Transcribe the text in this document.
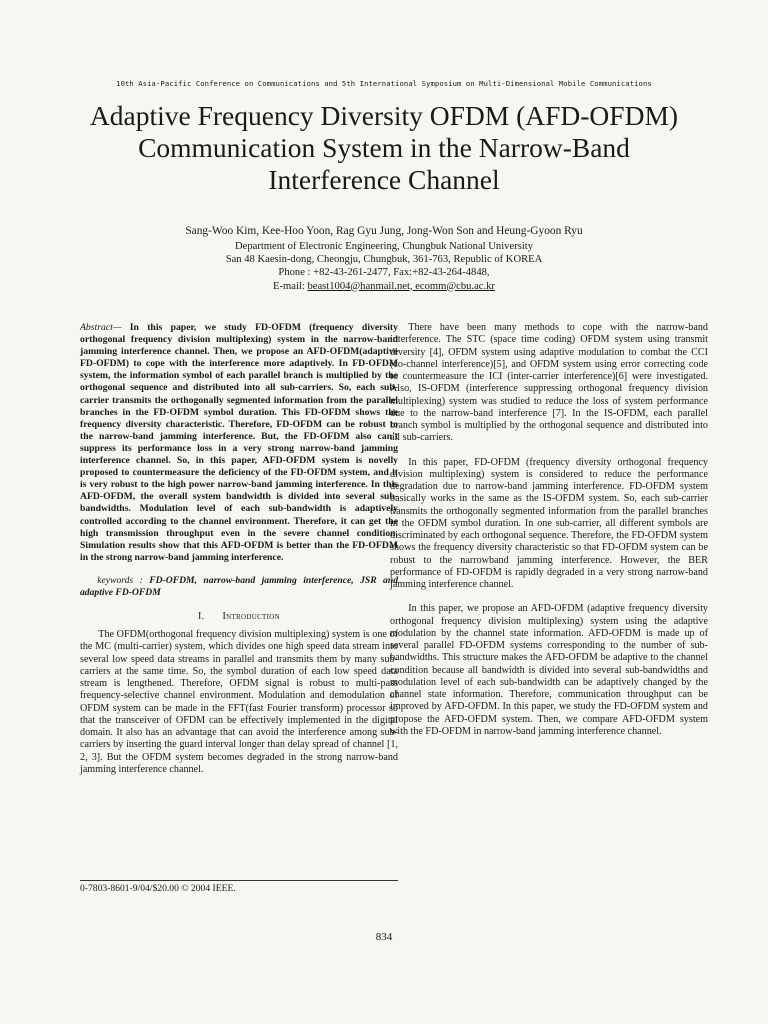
10th Asia-Pacific Conference on Communications and 5th International Symposium on Multi-Dimensional Mobile Communications
Adaptive Frequency Diversity OFDM (AFD-OFDM)
Communication System in the Narrow-Band
Interference Channel
Sang-Woo Kim, Kee-Hoo Yoon, Rag Gyu Jung, Jong-Won Son and Heung-Gyoon Ryu
Department of Electronic Engineering, Chungbuk National University
San 48 Kaesin-dong, Cheongju, Chungbuk, 361-763, Republic of KOREA
Phone : +82-43-261-2477, Fax:+82-43-264-4848,
E-mail: beast1004@hanmail.net, ecomm@cbu.ac.kr

Abstract— In this paper, we study FD-OFDM (frequency diversity orthogonal frequency division multiplexing) system in the narrow-band jamming interference channel. Then, we propose an AFD-OFDM(adaptive FD-OFDM) to cope with the interference more adaptively. In FD-OFDM system, the information symbol of each parallel branch is multiplied by the orthogonal sequence and distributed into all sub-carriers. So, each sub-carrier transmits the orthogonally segmented information from the parallel branches in the FD-OFDM symbol duration. This FD-OFDM shows the frequency diversity characteristic. Therefore, FD-OFDM can be robust to the narrow-band jamming interference. But, the FD-OFDM also can't suppress its performance loss in a very strong narrow-band jamming interference channel. So, in this paper, AFD-OFDM system is novelly proposed to countermeasure the deficiency of the FD-OFDM system, and it is very robust to the high power narrow-band jamming interference. In this AFD-OFDM, the overall system bandwidth is divided into several sub-bandwidths. Modulation level of each sub-bandwidth is adaptively controlled according to the channel environment. Therefore, it can get the high transmission throughput even in the severe channel condition. Simulation results show that this AFD-OFDM is better than the FD-OFDM in the strong narrow-band jamming interference.

keywords : FD-OFDM, narrow-band jamming interference, JSR and adaptive FD-OFDM

I. Introduction

The OFDM(orthogonal frequency division multiplexing) system is one of the MC (multi-carrier) system, which divides one high speed data stream into several low speed data streams in parallel and transmits them by many sub-carriers at the same time. So, the symbol duration of each low speed data stream is lengthened. Therefore, OFDM signal is robust to multi-pass frequency-selective channel environment. Modulation and demodulation of OFDM system can be made in the FFT(fast Fourier transform) processor so that the transceiver of OFDM can be effectively implemented in the digital domain. It also has an advantage that can avoid the interference among sub-carriers by inserting the guard interval longer than delay spread of channel [1, 2, 3]. But the OFDM system becomes degraded in the strong narrow-band jamming interference channel.

There have been many methods to cope with the narrow-band interference. The STC (space time coding) OFDM system using transmit diversity [4], OFDM system using adaptive modulation to combat the CCI (co-channel interference)[5], and OFDM system using error correcting code to countermeasure the ICI (inter-carrier interference)[6] were investigated. Also, IS-OFDM (interference suppressing orthogonal frequency division multiplexing) system was studied to reduce the loss of system performance due to the narrow-band interference [7]. In the IS-OFDM, each parallel branch symbol is multiplied by the orthogonal sequence and distributed into all sub-carriers.

In this paper, FD-OFDM (frequency diversity orthogonal frequency division multiplexing) system is considered to reduce the performance degradation due to narrow-band jamming interference. FD-OFDM system basically works in the same as the IS-OFDM system. So, each sub-carrier transmits the orthogonally segmented information from the parallel branches in the OFDM symbol duration. In one sub-carrier, all different symbols are discriminated by each orthogonal sequence. Therefore, the FD-OFDM system shows the frequency diversity characteristic so that FD-OFDM system can be robust to the narrowband jamming interference. However, the BER performance of FD-OFDM is rapidly degraded in a very strong narrow-band jamming interference channel.

In this paper, we propose an AFD-OFDM (adaptive frequency diversity orthogonal frequency division multiplexing) system using the adaptive modulation by the channel state information. AFD-OFDM is made up of several parallel FD-OFDM systems corresponding to the number of sub-bandwidths. This structure makes the AFD-OFDM be adaptive to the channel condition because all bandwidth is divided into several sub-bandwidths and modulation level of each sub-bandwidth can be adaptively changed by the channel state information. Therefore, communication throughput can be improved by AFD-OFDM. In this paper, we study the FD-OFDM system and propose the AFD-OFDM system. Then, we compare AFD-OFDM system with the FD-OFDM in narrow-band jamming interference channel.

0-7803-8601-9/04/$20.00 © 2004 IEEE.
834
